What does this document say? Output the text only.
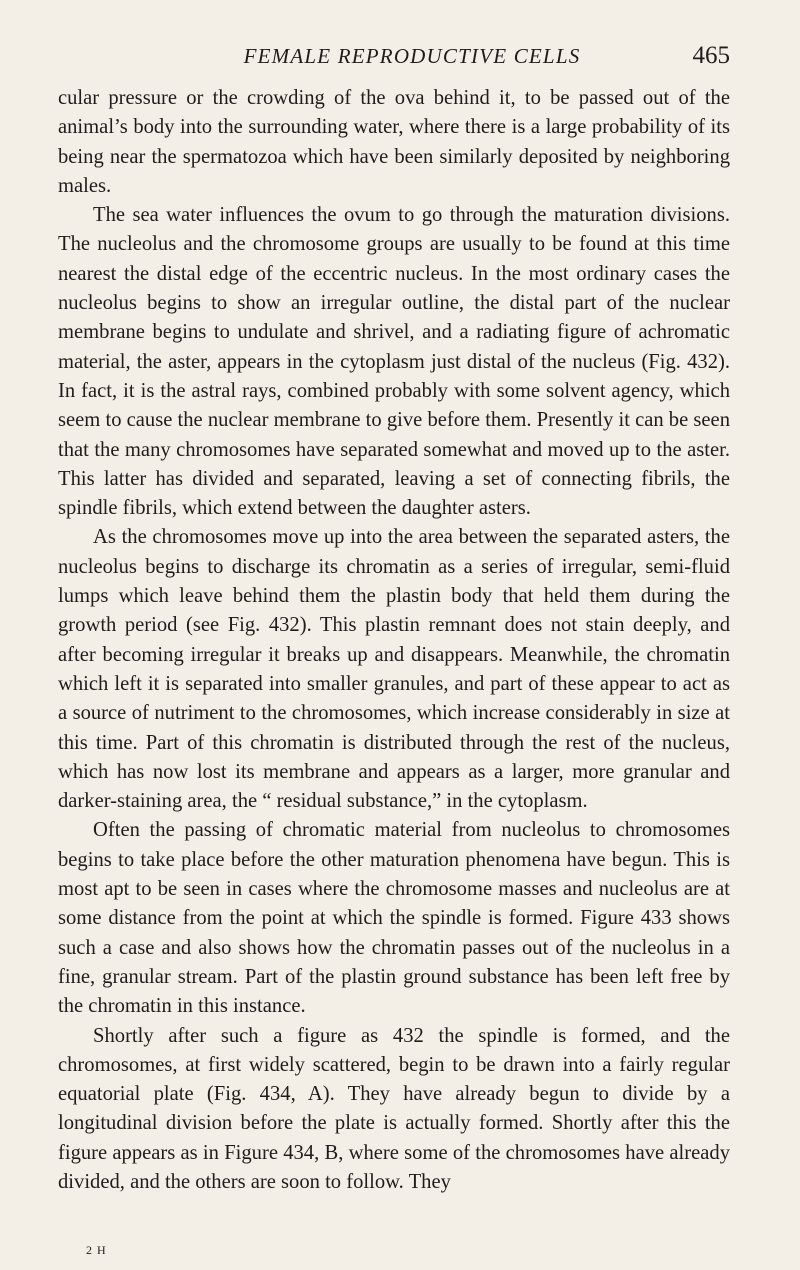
FEMALE REPRODUCTIVE CELLS	465

cular pressure or the crowding of the ova behind it, to be passed out of the animal’s body into the surrounding water, where there is a large probability of its being near the spermatozoa which have been similarly deposited by neighboring males.

The sea water influences the ovum to go through the maturation divisions. The nucleolus and the chromosome groups are usually to be found at this time nearest the distal edge of the eccentric nucleus. In the most ordinary cases the nucleolus begins to show an irregular outline, the distal part of the nuclear membrane begins to undulate and shrivel, and a radiating figure of achromatic material, the aster, appears in the cytoplasm just distal of the nucleus (Fig. 432). In fact, it is the astral rays, combined probably with some solvent agency, which seem to cause the nuclear membrane to give before them. Presently it can be seen that the many chromosomes have separated somewhat and moved up to the aster. This latter has divided and separated, leaving a set of connecting fibrils, the spindle fibrils, which extend between the daughter asters.

As the chromosomes move up into the area between the separated asters, the nucleolus begins to discharge its chromatin as a series of irregular, semi-fluid lumps which leave behind them the plastin body that held them during the growth period (see Fig. 432). This plastin remnant does not stain deeply, and after becoming irregular it breaks up and disappears. Meanwhile, the chromatin which left it is separated into smaller granules, and part of these appear to act as a source of nutriment to the chromosomes, which increase considerably in size at this time. Part of this chromatin is distributed through the rest of the nucleus, which has now lost its membrane and appears as a larger, more granular and darker-staining area, the “ residual substance,” in the cytoplasm.

Often the passing of chromatic material from nucleolus to chromosomes begins to take place before the other maturation phenomena have begun. This is most apt to be seen in cases where the chromosome masses and nucleolus are at some distance from the point at which the spindle is formed. Figure 433 shows such a case and also shows how the chromatin passes out of the nucleolus in a fine, granular stream. Part of the plastin ground substance has been left free by the chromatin in this instance.

Shortly after such a figure as 432 the spindle is formed, and the chromosomes, at first widely scattered, begin to be drawn into a fairly regular equatorial plate (Fig. 434, A). They have already begun to divide by a longitudinal division before the plate is actually formed. Shortly after this the figure appears as in Figure 434, B, where some of the chromosomes have already divided, and the others are soon to follow. They

2 H
